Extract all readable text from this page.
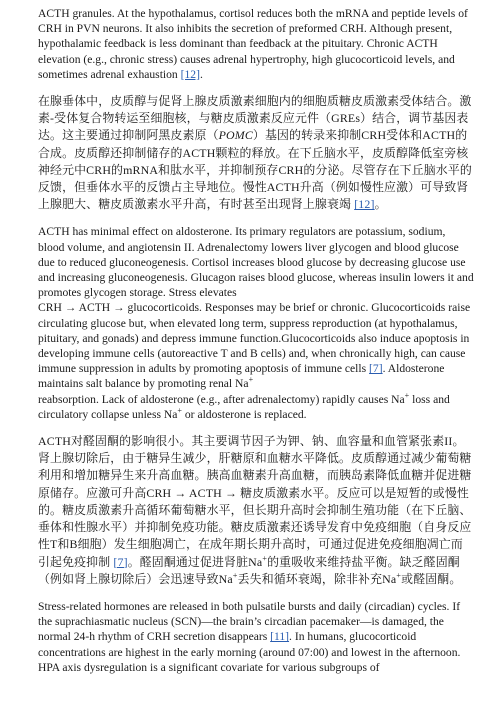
ACTH granules. At the hypothalamus, cortisol reduces both the mRNA and peptide levels of CRH in PVN neurons. It also inhibits the secretion of preformed CRH. Although present, hypothalamic feedback is less dominant than feedback at the pituitary. Chronic ACTH elevation (e.g., chronic stress) causes adrenal hypertrophy, high glucocorticoid levels, and sometimes adrenal exhaustion [12].

在腺垂体中，皮质醇与促肾上腺皮质激素细胞内的细胞质糖皮质激素受体结合。激素-受体复合物转运至细胞核，与糖皮质激素反应元件（GREs）结合，调节基因表达。这主要通过抑制阿黑皮素原（POMC）基因的转录来抑制CRH受体和ACTH的合成。皮质醇还抑制储存的ACTH颗粒的释放。在下丘脑水平，皮质醇降低室旁核神经元中CRH的mRNA和肽水平，并抑制预存CRH的分泌。尽管存在下丘脑水平的反馈，但垂体水平的反馈占主导地位。慢性ACTH升高（例如慢性应激）可导致肾上腺肥大、糖皮质激素水平升高，有时甚至出现肾上腺衰竭 [12]。

ACTH has minimal effect on aldosterone. Its primary regulators are potassium, sodium, blood volume, and angiotensin II. Adrenalectomy lowers liver glycogen and blood glucose due to reduced gluconeogenesis. Cortisol increases blood glucose by decreasing glucose use and increasing gluconeogenesis. Glucagon raises blood glucose, whereas insulin lowers it and promotes glycogen storage. Stress elevates
CRH → ACTH → glucocorticoids. Responses may be brief or chronic. Glucocorticoids raise circulating glucose but, when elevated long term, suppress reproduction (at hypothalamus, pituitary, and gonads) and depress immune function.Glucocorticoids also induce apoptosis in developing immune cells (autoreactive T and B cells) and, when chronically high, can cause immune suppression in adults by promoting apoptosis of immune cells [7]. Aldosterone maintains salt balance by promoting renal Na+
reabsorption. Lack of aldosterone (e.g., after adrenalectomy) rapidly causes Na+ loss and circulatory collapse unless Na+ or aldosterone is replaced.

ACTH对醛固酮的影响很小。其主要调节因子为钾、钠、血容量和血管紧张素II。肾上腺切除后，由于糖异生减少，肝糖原和血糖水平降低。皮质醇通过减少葡萄糖利用和增加糖异生来升高血糖。胰高血糖素升高血糖，而胰岛素降低血糖并促进糖原储存。应激可升高CRH → ACTH → 糖皮质激素水平。反应可以是短暂的或慢性的。糖皮质激素升高循环葡萄糖水平，但长期升高时会抑制生殖功能（在下丘脑、垂体和性腺水平）并抑制免疫功能。糖皮质激素还诱导发育中免疫细胞（自身反应性T和B细胞）发生细胞凋亡，在成年期长期升高时，可通过促进免疫细胞凋亡而引起免疫抑制 [7]。醛固酮通过促进肾脏Na+的重吸收来维持盐平衡。缺乏醛固酮（例如肾上腺切除后）会迅速导致Na+丢失和循环衰竭，除非补充Na+或醛固酮。

Stress-related hormones are released in both pulsatile bursts and daily (circadian) cycles. If the suprachiasmatic nucleus (SCN)—the brain’s circadian pacemaker—is damaged, the normal 24-h rhythm of CRH secretion disappears [11]. In humans, glucocorticoid concentrations are highest in the early morning (around 07:00) and lowest in the afternoon. HPA axis dysregulation is a significant covariate for various subgroups of
